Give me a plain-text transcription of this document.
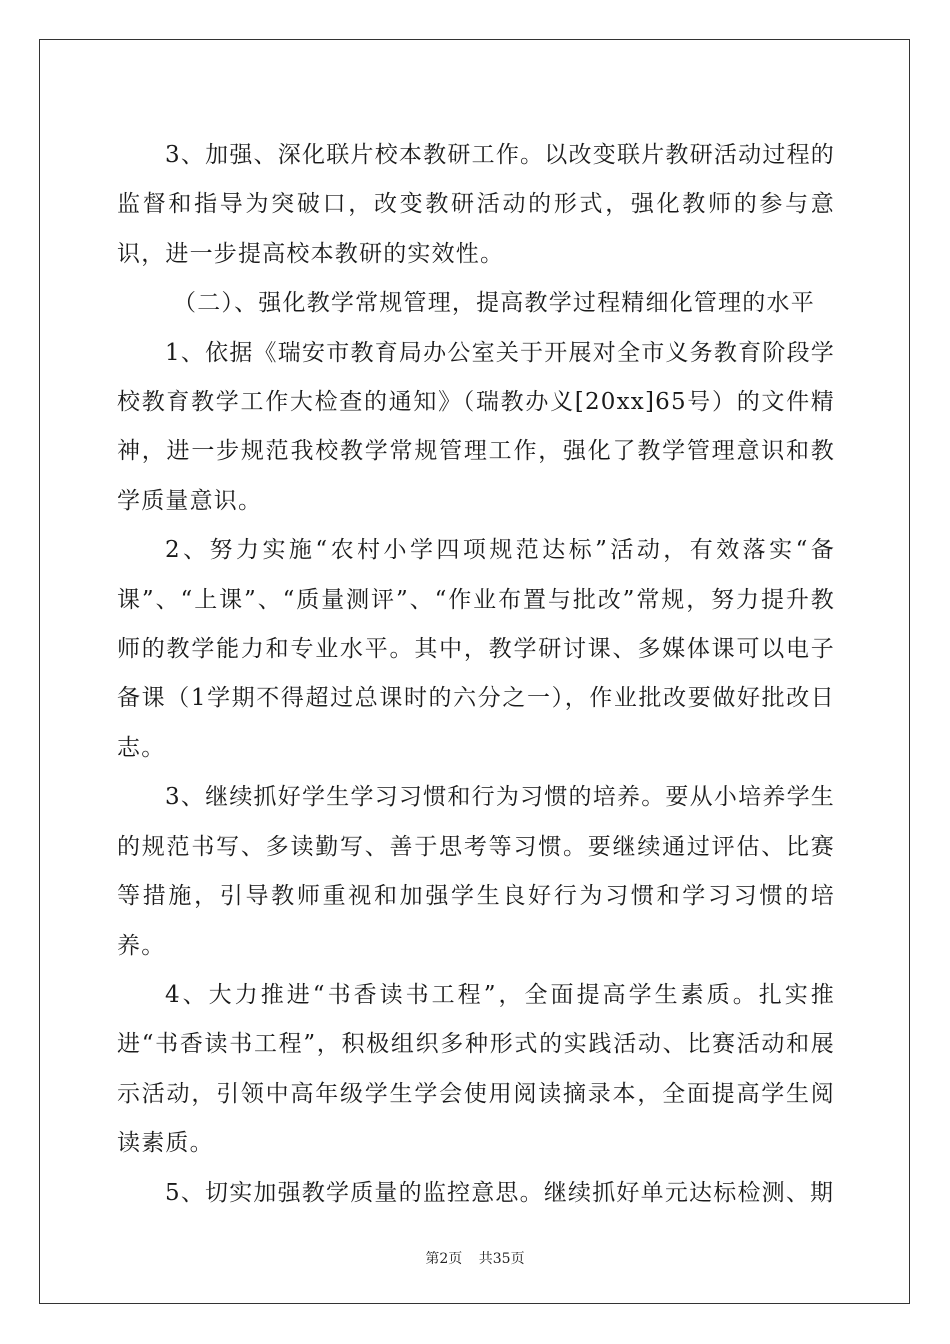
3、加强、深化联片校本教研工作。以改变联片教研活动过程的监督和指导为突破口，改变教研活动的形式，强化教师的参与意识，进一步提高校本教研的实效性。

（二）、强化教学常规管理，提高教学过程精细化管理的水平

1、依据《瑞安市教育局办公室关于开展对全市义务教育阶段学校教育教学工作大检查的通知》（瑞教办义[20xx]65号）的文件精神，进一步规范我校教学常规管理工作，强化了教学管理意识和教学质量意识。

2、努力实施“农村小学四项规范达标”活动，有效落实“备课”、“上课”、“质量测评”、“作业布置与批改”常规，努力提升教师的教学能力和专业水平。其中，教学研讨课、多媒体课可以电子备课（1学期不得超过总课时的六分之一），作业批改要做好批改日志。

3、继续抓好学生学习习惯和行为习惯的培养。要从小培养学生的规范书写、多读勤写、善于思考等习惯。要继续通过评估、比赛等措施，引导教师重视和加强学生良好行为习惯和学习习惯的培养。

4、大力推进“书香读书工程”，全面提高学生素质。扎实推进“书香读书工程”，积极组织多种形式的实践活动、比赛活动和展示活动，引领中高年级学生学会使用阅读摘录本，全面提高学生阅读素质。

5、切实加强教学质量的监控意思。继续抓好单元达标检测、期

第2页 共35页
